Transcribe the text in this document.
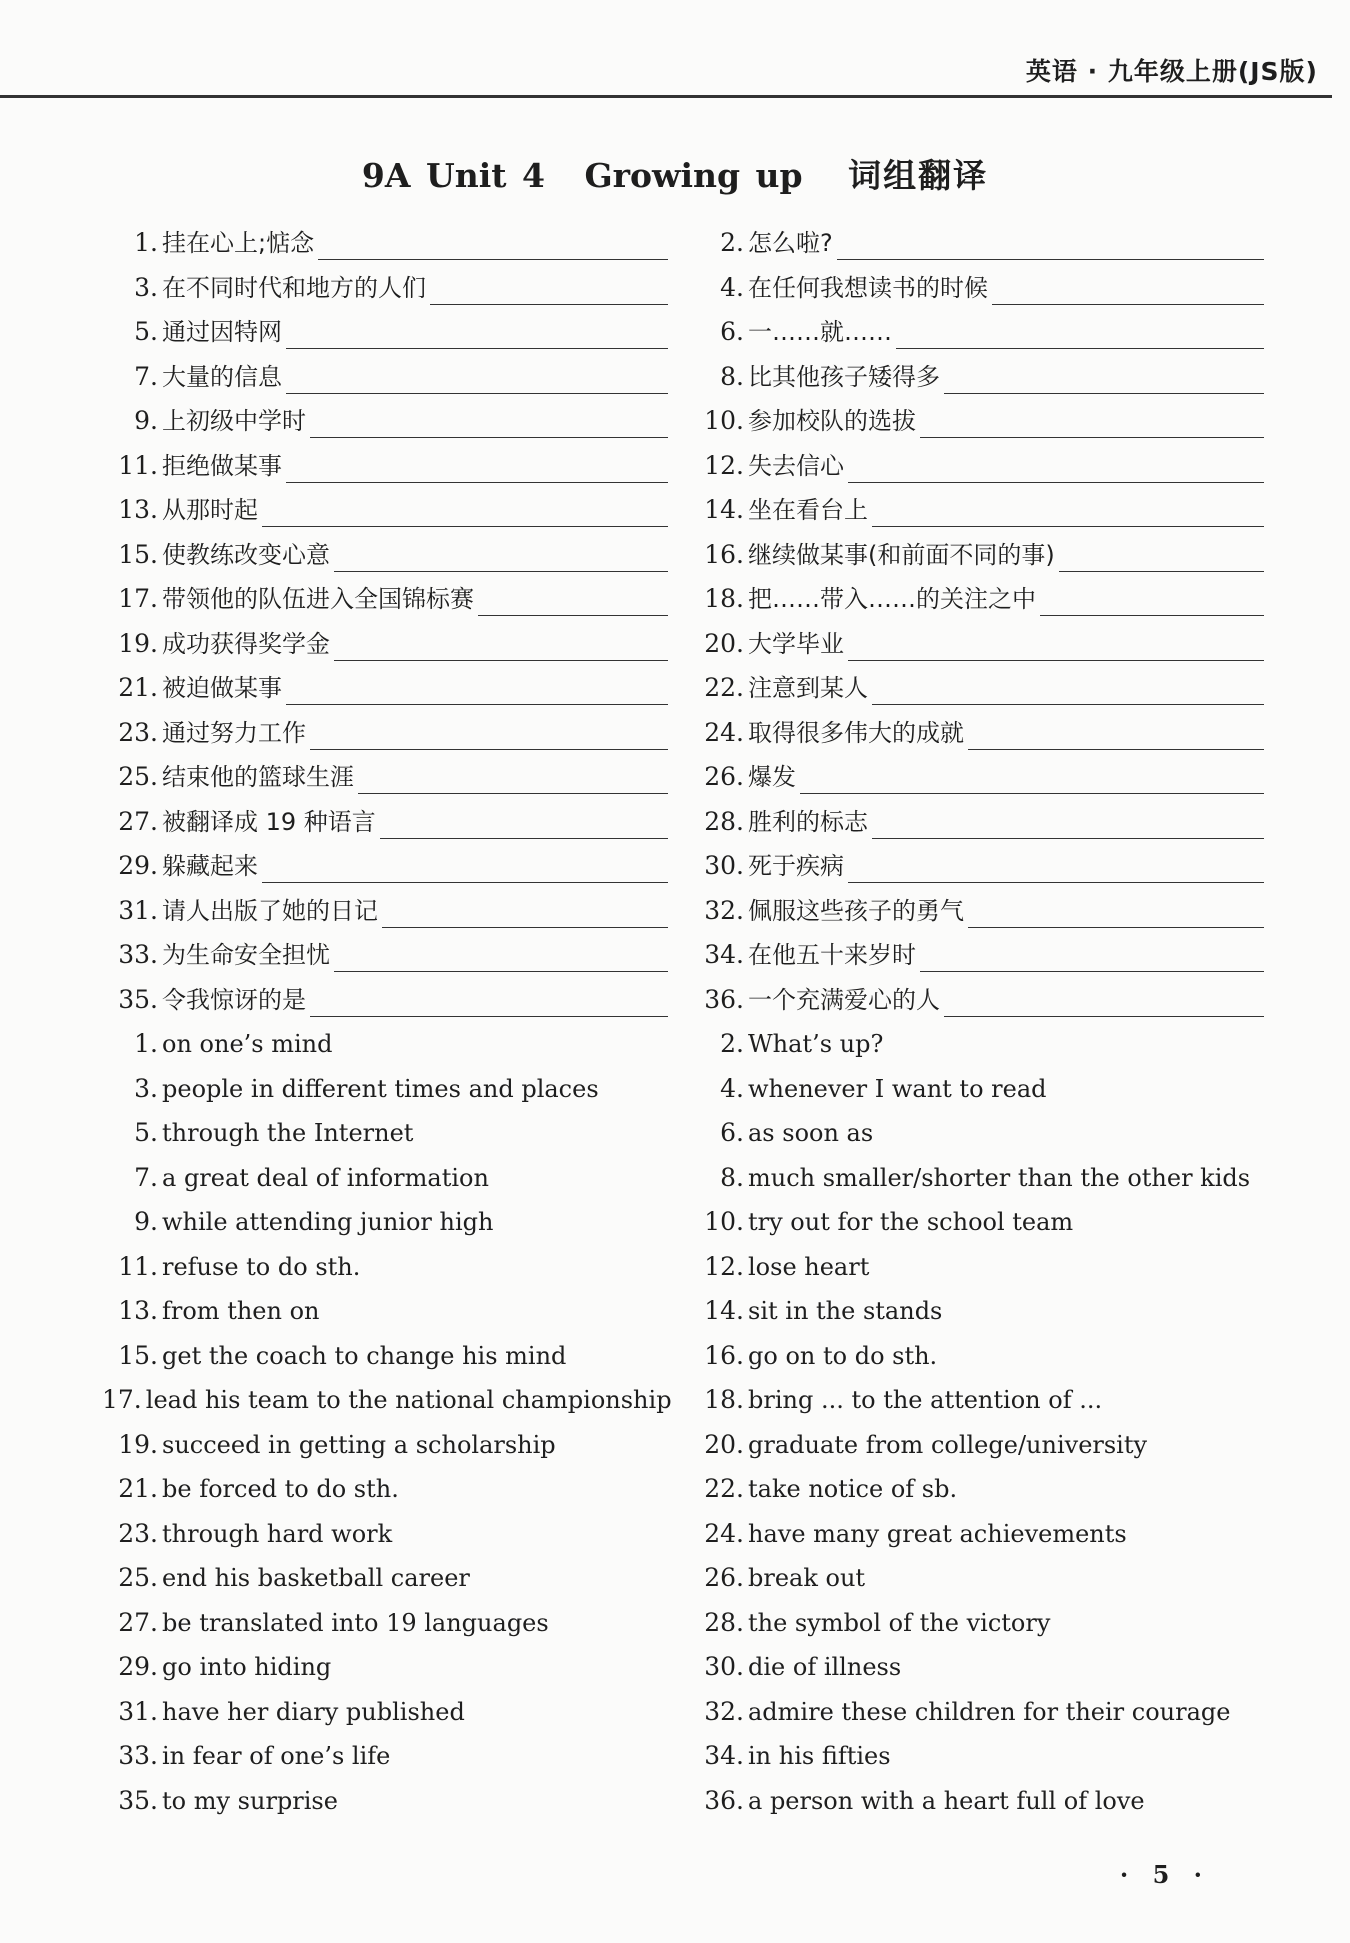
英语 · 九年级上册(JS版)
9A Unit 4 Growing up 词组翻译
1. 挂在心上;惦念	2. 怎么啦?
3. 在不同时代和地方的人们	4. 在任何我想读书的时候
5. 通过因特网	6. 一……就……
7. 大量的信息	8. 比其他孩子矮得多
9. 上初级中学时	10. 参加校队的选拔
11. 拒绝做某事	12. 失去信心
13. 从那时起	14. 坐在看台上
15. 使教练改变心意	16. 继续做某事(和前面不同的事)
17. 带领他的队伍进入全国锦标赛	18. 把……带入……的关注之中
19. 成功获得奖学金	20. 大学毕业
21. 被迫做某事	22. 注意到某人
23. 通过努力工作	24. 取得很多伟大的成就
25. 结束他的篮球生涯	26. 爆发
27. 被翻译成 19 种语言	28. 胜利的标志
29. 躲藏起来	30. 死于疾病
31. 请人出版了她的日记	32. 佩服这些孩子的勇气
33. 为生命安全担忧	34. 在他五十来岁时
35. 令我惊讶的是	36. 一个充满爱心的人
1. on one’s mind	2. What’s up?
3. people in different times and places	4. whenever I want to read
5. through the Internet	6. as soon as
7. a great deal of information	8. much smaller/shorter than the other kids
9. while attending junior high	10. try out for the school team
11. refuse to do sth.	12. lose heart
13. from then on	14. sit in the stands
15. get the coach to change his mind	16. go on to do sth.
17. lead his team to the national championship	18. bring ... to the attention of ...
19. succeed in getting a scholarship	20. graduate from college/university
21. be forced to do sth.	22. take notice of sb.
23. through hard work	24. have many great achievements
25. end his basketball career	26. break out
27. be translated into 19 languages	28. the symbol of the victory
29. go into hiding	30. die of illness
31. have her diary published	32. admire these children for their courage
33. in fear of one’s life	34. in his fifties
35. to my surprise	36. a person with a heart full of love
· 5 ·
